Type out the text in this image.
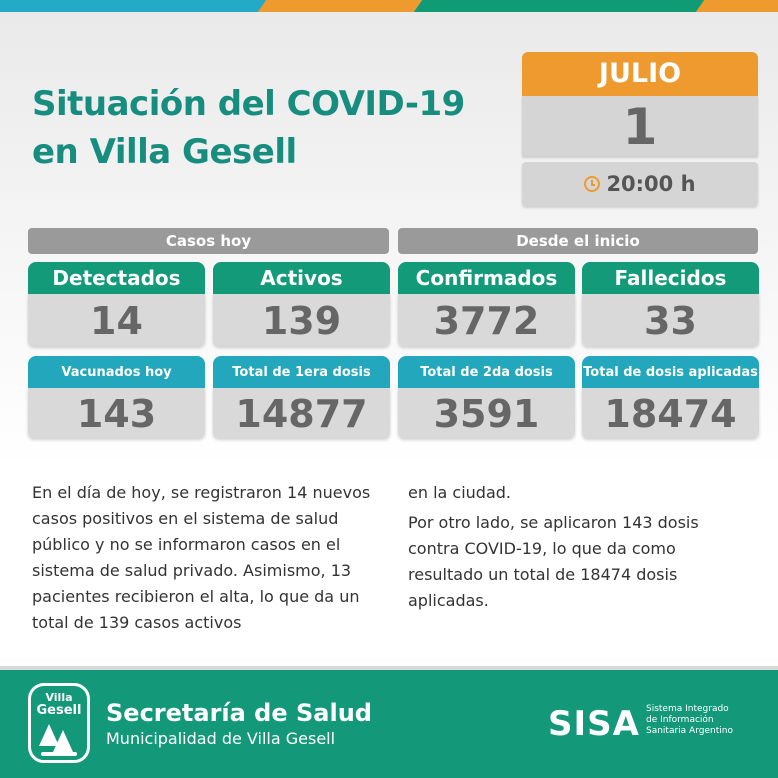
Situación del COVID-19
en Villa Gesell
JULIO
1
20:00 h
Casos hoy	Desde el inicio
Detectados
14
Activos
139
Confirmados
3772
Fallecidos
33
Vacunados hoy
143
Total de 1era dosis
14877
Total de 2da dosis
3591
Total de dosis aplicadas
18474

En el día de hoy, se registraron 14 nuevos casos positivos en el sistema de salud público y no se informaron casos en el sistema de salud privado. Asimismo, 13 pacientes recibieron el alta, lo que da un total de 139 casos activos

en la ciudad.

Por otro lado, se aplicaron 143 dosis contra COVID-19, lo que da como resultado un total de 18474 dosis aplicadas.

Villa
Gesell Secretaría de Salud
Municipalidad de Villa Gesell	SISA Sistema Integrado
de Información
Sanitaria Argentino
